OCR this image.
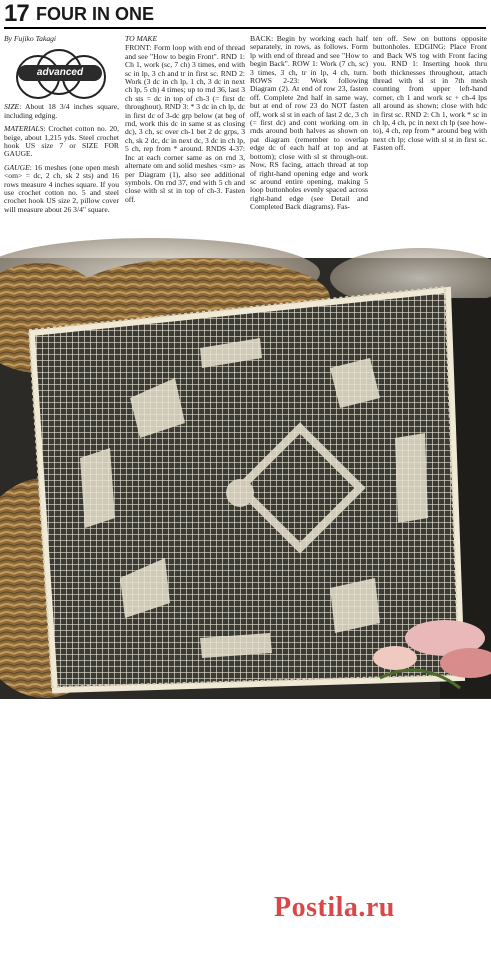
17 FOUR IN ONE
By Fujiko Takagi
advanced

SIZE: About 18 3/4 inches square, including edging.

MATERIALS: Crochet cotton no. 20, beige, about 1,215 yds. Steel crochet hook US size 7 or SIZE FOR GAUGE.

GAUGE: 16 meshes (one open mesh <om> = dc, 2 ch, sk 2 sts) and 16 rows measure 4 inches square. If you use crochet cotton no. 5 and steel crochet hook US size 2, pillow cover will measure about 26 3/4" square.

TO MAKE
FRONT: Form loop with end of thread and see "How to begin Front". RND 1: Ch 1, work (sc, 7 ch) 3 times, end with sc in lp, 3 ch and tr in first sc. RND 2: Work (3 dc in ch lp, 1 ch, 3 dc in next ch lp, 5 ch) 4 times; up to rnd 36, last 3 ch sts = dc in top of ch-3 (= first dc throughout). RND 3: * 3 dc in ch lp, dc in first dc of 3-dc grp below (at beg of rnd, work this dc in same st as closing dc), 3 ch, sc over ch-1 bet 2 dc grps, 3 ch, sk 2 dc, dc in next dc, 3 dc in ch lp, 5 ch, rep from * around. RNDS 4-37: Inc at each corner same as on rnd 3, alternate om and solid meshes <sm> as per Diagram (1), also see additional symbols. On rnd 37, end with 5 ch and close with sl st in top of ch-3. Fasten off.
BACK: Begin by working each half separately, in rows, as follows. Form lp with end of thread and see "How to begin Back". ROW 1: Work (7 ch, sc) 3 times, 3 ch, tr in lp, 4 ch, turn. ROWS 2-23: Work following Diagram (2). At end of row 23, fasten off. Complete 2nd half in same way, but at end of row 23 do NOT fasten off, work sl st in each of last 2 dc, 3 ch (= first dc) and cont working om in rnds around both halves as shown on pat diagram (remember to overlap edge dc of each half at top and at bottom); close with sl st through-out. Now, RS facing, attach thread at top of right-hand opening edge and work sc around entire opening, making 5 loop buttonholes evenly spaced across right-hand edge (see Detail and Completed Back diagrams). Fas-
ten off. Sew on buttons opposite buttonholes. EDGING: Place Front and Back WS tog with Front facing you. RND 1: Inserting hook thru both thicknesses throughout, attach thread with sl st in 7th mesh counting from upper left-hand corner, ch 1 and work sc + ch-4 lps all around as shown; close with hdc in first sc. RND 2: Ch 1, work * sc in ch lp, 4 ch, pc in next ch lp (see how-to), 4 ch, rep from * around beg with next ch lp; close with sl st in first sc. Fasten off.
Postila.ru
http://www.liveinternet.ru/users/3357652/
